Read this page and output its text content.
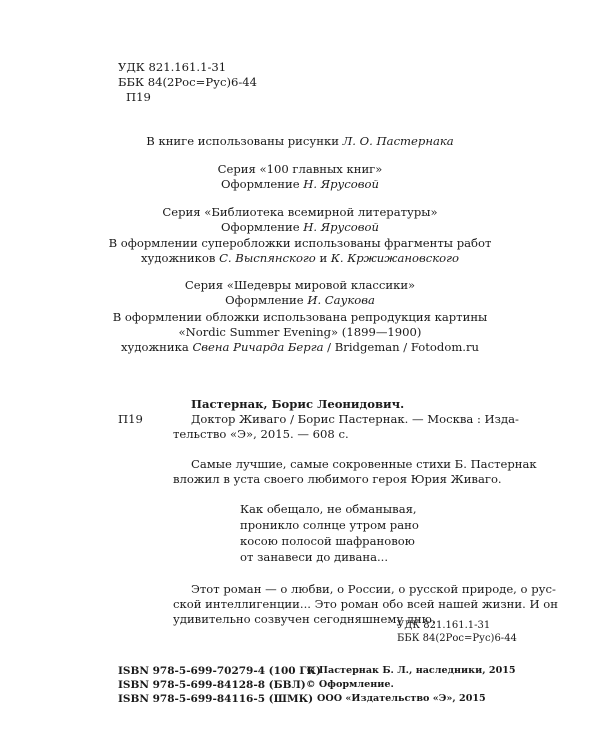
УДК 821.161.1-31
ББК 84(2Рос=Рус)6-44
П19
В книге использованы рисунки Л. О. Пастернака
Серия «100 главных книг»
Оформление Н. Ярусовой
Серия «Библиотека всемирной литературы»
Оформление Н. Ярусовой
В оформлении суперобложки использованы фрагменты работ
художников С. Выспянского и К. Кржижановского
Серия «Шедевры мировой классики»
Оформление И. Саукова
В оформлении обложки использована репродукция картины
«Nordic Summer Evening» (1899—1900)
художника Свена Ричарда Берга / Bridgeman / Fotodom.ru
Пастернак, Борис Леонидович.
П19	Доктор Живаго / Борис Пастернак. — Москва : Изда-
тельство «Э», 2015. — 608 с.
Самые лучшие, самые сокровенные стихи Б. Пастернак
вложил в уста своего любимого героя Юрия Живаго.
Как обещало, не обманывая,
проникло солнце утром рано
косою полосой шафрановою
от занавеси до дивана...
Этот роман — о любви, о России, о русской природе, о рус-
ской интеллигенции... Это роман обо всей нашей жизни. И он
удивительно созвучен сегодняшнему дню.
УДК 821.161.1-31
ББК 84(2Рос=Рус)6-44
ISBN 978-5-699-70279-4 (100 ГК)
ISBN 978-5-699-84128-8 (БВЛ)
ISBN 978-5-699-84116-5 (ШМК)
© Пастернак Б. Л., наследники, 2015
© Оформление.
ООО «Издательство «Э», 2015
